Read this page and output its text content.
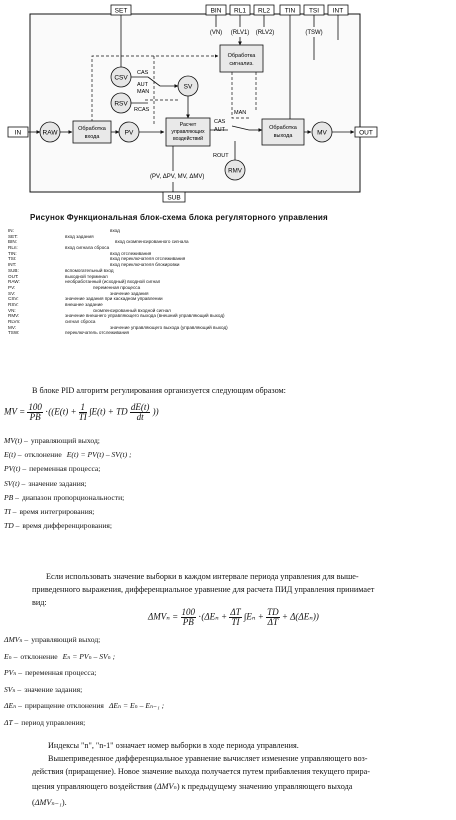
SET	BIN RL1 RL2 TIN TSI INT
(VN) (RLV1) (RLV2)	(TSW)
Обработка
сигнализ.
IN	RAW
Обработка
входа
PV
CSV
RSV
CAS
AUT
MAN
RCAS
SV
Расчет
управляющих
воздействий
MAN
CAS
AUT
ROUT
Обработка
выхода	MV	OUT
RMV
(PV, ΔPV, MV, ΔMV)
SUB
Рисунок Функциональная блок-схема блока регуляторного управления
IN:	вход
SET:	вход задания
BIN:	вход скомпенсированного сигнала
RLn:	вход сигнала сброса
TIN:	вход отслеживания
TSI:	вход переключателя отслеживания
INT:	вход переключателя блокировки
SUB:	вспомогательный вход
OUT:	выходной терминал
RAW:	необработанный (исходный) входной сигнал
PV:	переменная процесса
SV:	значение задания
CSV:	значение задания при каскадном управлении
RSV:	внешнее задание
VN:	скомпенсированный входной сигнал
RMV:	значение внешнего управляющего выхода (внешний управляющий выход)
RLVn:	сигнал сброса
MV:	значение управляющего выхода (управляющий выход)
TSW:	переключатель отслеживания
В блоке PID алгоритм регулирования организуется следующим образом:
MV = $\frac{100}{PB} \cdot((E(t) + \frac{1}{TI} \int E(t)$ + TD $\frac{dE(t)}{dt}$ ))
MV(t) – управляющий выход;
E(t) – отклонение E(t) = PV(t) – SV(t) ;
PV(t) – переменная процесса;
SV(t) – значение задания;
PB – диапазон пропорциональности;
TI – время интегрирования;
TD – время дифференцирования;
Если использовать значение выборки в каждом интервале периода управления для выше-
приведенного выражения, дифференциальное уравнение для расчета ПИД управления принимает
вид:
$\Delta MV_n = \frac{100}{PB} \cdot(\Delta E_n + \frac{\Delta T}{TI} \int E_n + \frac{TD}{\Delta T} + \Delta(\Delta E_n))$
ΔMVₙ – управляющий выход;
Eₙ – отклонение Eₙ = PVₙ – SVₙ ;
PVₙ – переменная процесса;
SVₙ – значение задания;
ΔEₙ – приращение отклонения ΔEₙ = Eₙ – Eₙ₋₁ ;
ΔT – период управления;
Индексы "n", "n-1" означает номер выборки в ходе периода управления.
Вышеприведенное дифференциальное уравнение вычисляет изменение управляющего воз-
действия (приращение). Новое значение выхода получается путем прибавления текущего прира-
щения управляющего воздействия (ΔMVₙ) к предыдущему значению управляющего выхода
(ΔMVₙ₋₁).
